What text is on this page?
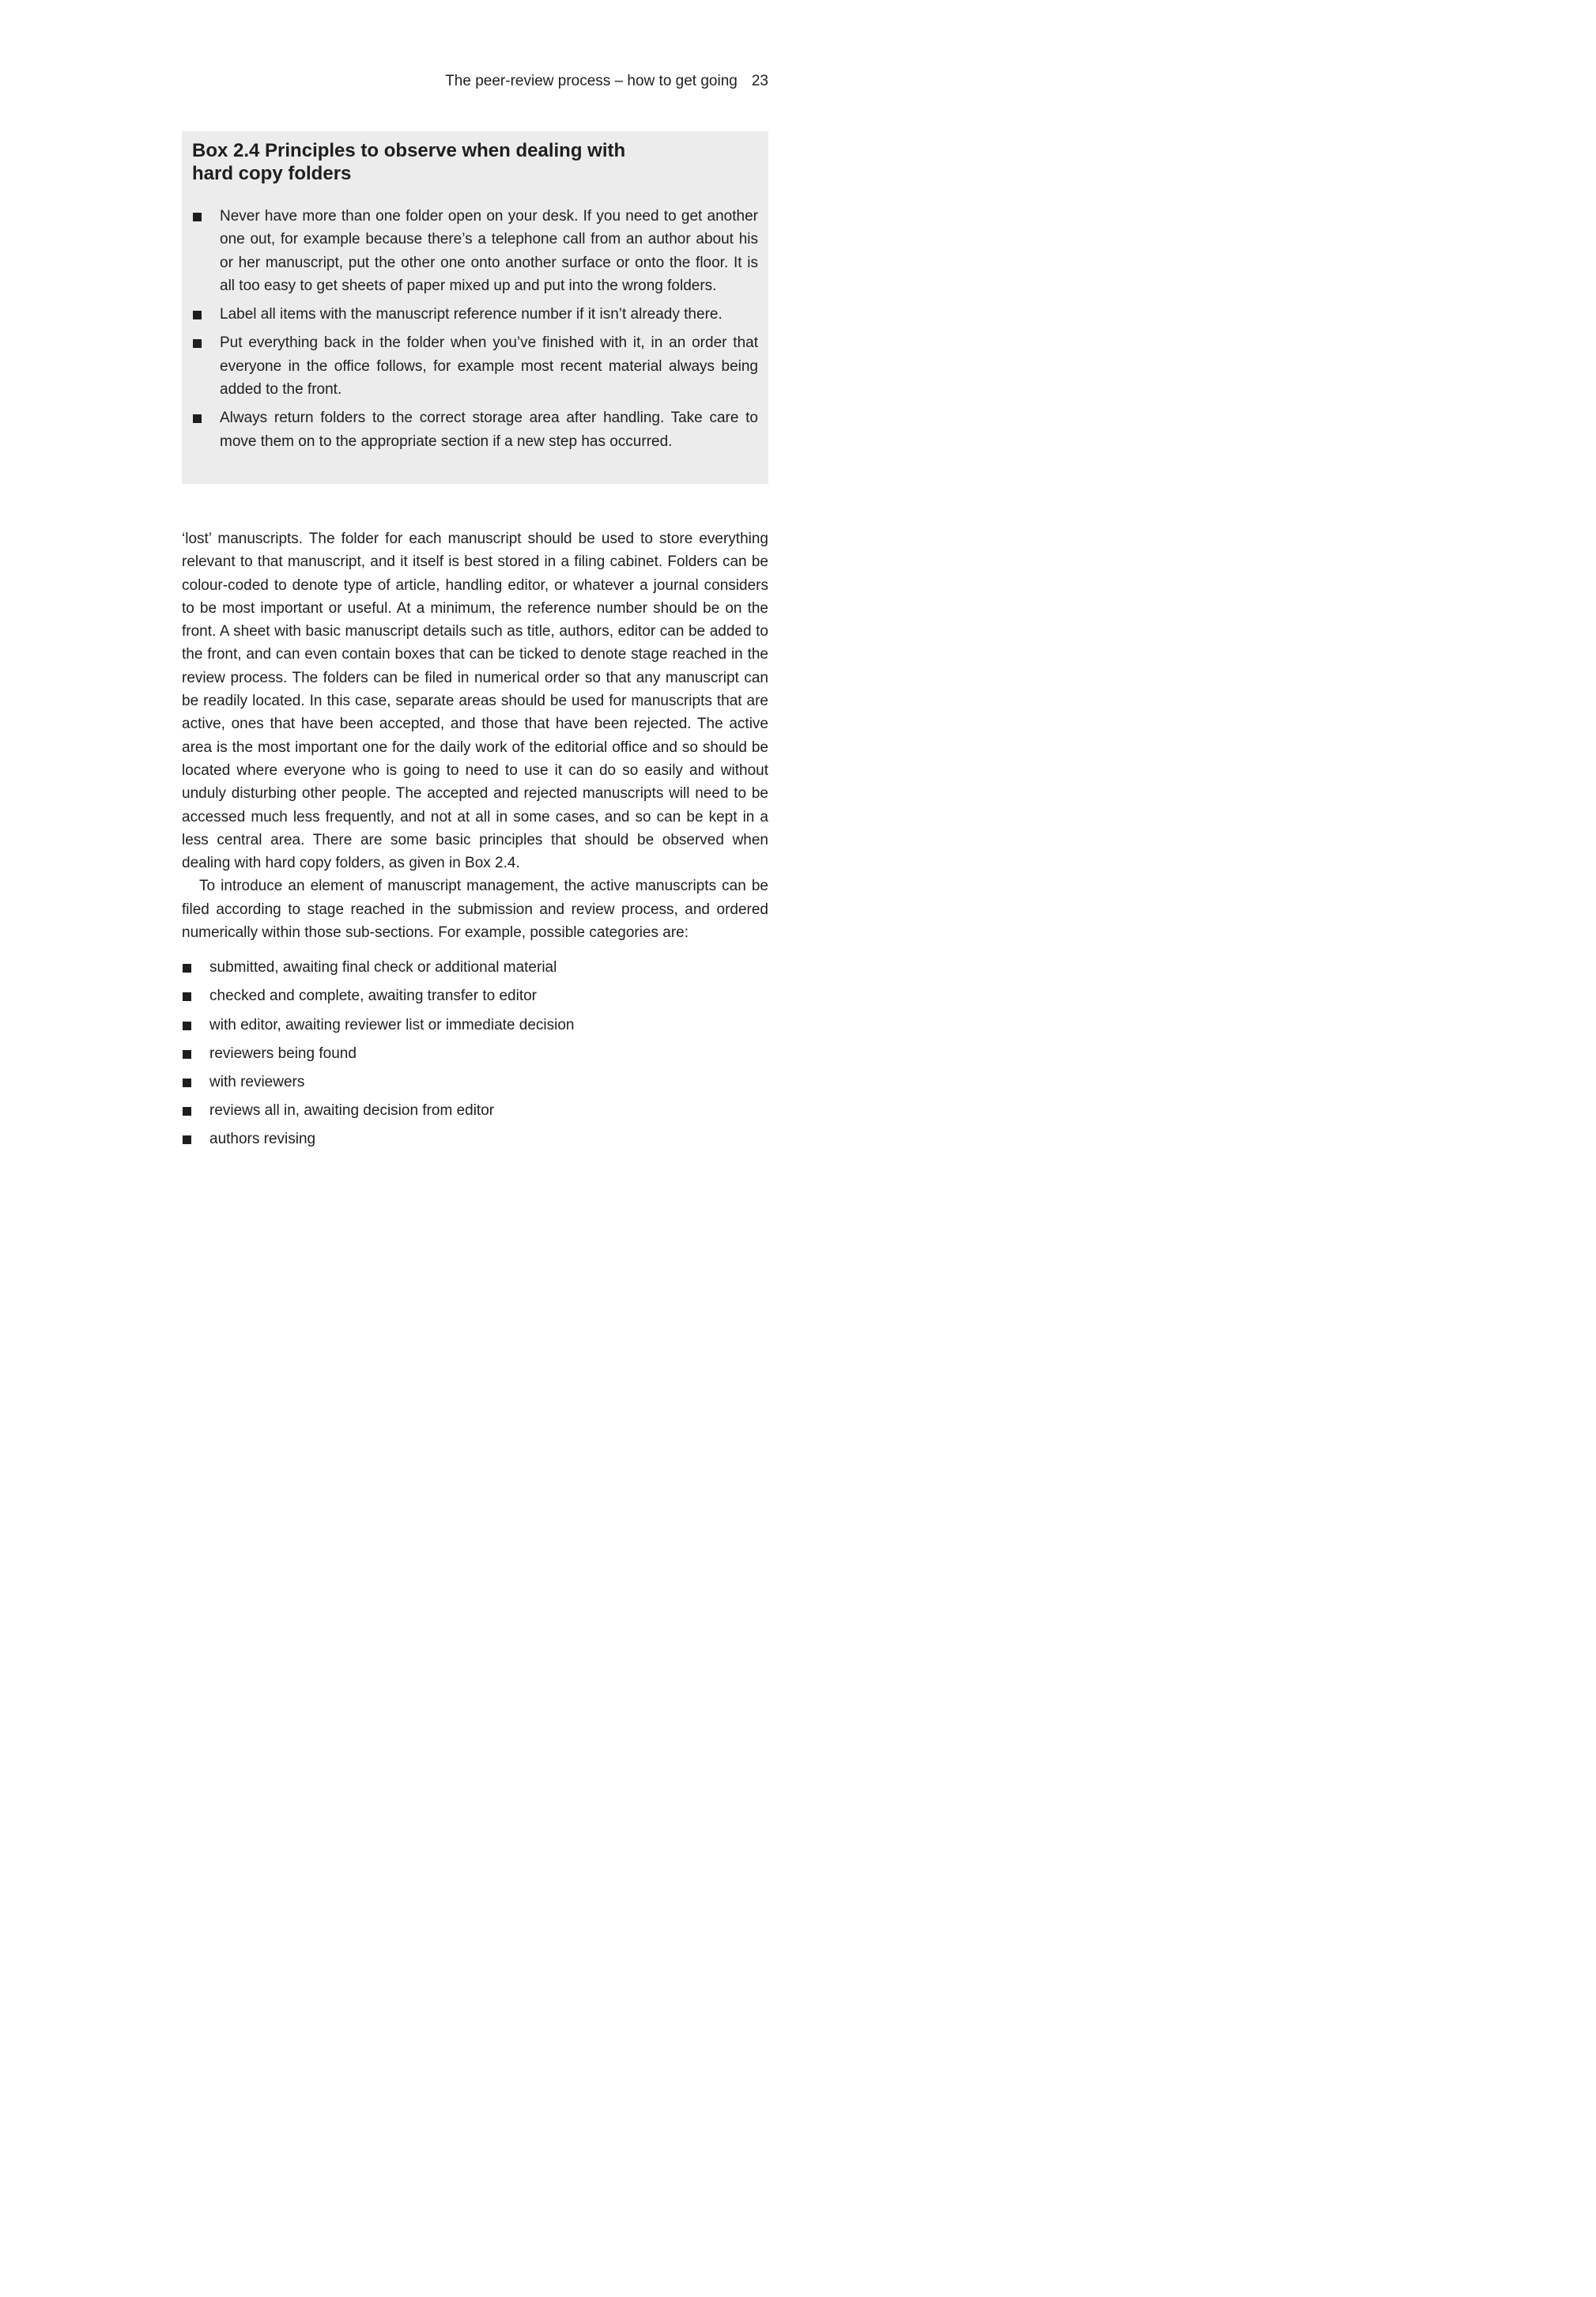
The peer-review process – how to get going 23
Box 2.4 Principles to observe when dealing with hard copy folders
Never have more than one folder open on your desk. If you need to get another one out, for example because there’s a telephone call from an author about his or her manuscript, put the other one onto another surface or onto the floor. It is all too easy to get sheets of paper mixed up and put into the wrong folders.
Label all items with the manuscript reference number if it isn’t already there.
Put everything back in the folder when you’ve finished with it, in an order that everyone in the office follows, for example most recent material always being added to the front.
Always return folders to the correct storage area after handling. Take care to move them on to the appropriate section if a new step has occurred.

‘lost’ manuscripts. The folder for each manuscript should be used to store everything relevant to that manuscript, and it itself is best stored in a filing cabinet. Folders can be colour-coded to denote type of article, handling editor, or whatever a journal considers to be most important or useful. At a minimum, the reference number should be on the front. A sheet with basic manuscript details such as title, authors, editor can be added to the front, and can even contain boxes that can be ticked to denote stage reached in the review process. The folders can be filed in numerical order so that any manuscript can be readily located. In this case, separate areas should be used for manuscripts that are active, ones that have been accepted, and those that have been rejected. The active area is the most important one for the daily work of the editorial office and so should be located where everyone who is going to need to use it can do so easily and without unduly disturbing other people. The accepted and rejected manuscripts will need to be accessed much less frequently, and not at all in some cases, and so can be kept in a less central area. There are some basic principles that should be observed when dealing with hard copy folders, as given in Box 2.4.

To introduce an element of manuscript management, the active manuscripts can be filed according to stage reached in the submission and review process, and ordered numerically within those sub-sections. For example, possible categories are:

submitted, awaiting final check or additional material
checked and complete, awaiting transfer to editor
with editor, awaiting reviewer list or immediate decision
reviewers being found
with reviewers
reviews all in, awaiting decision from editor
authors revising
